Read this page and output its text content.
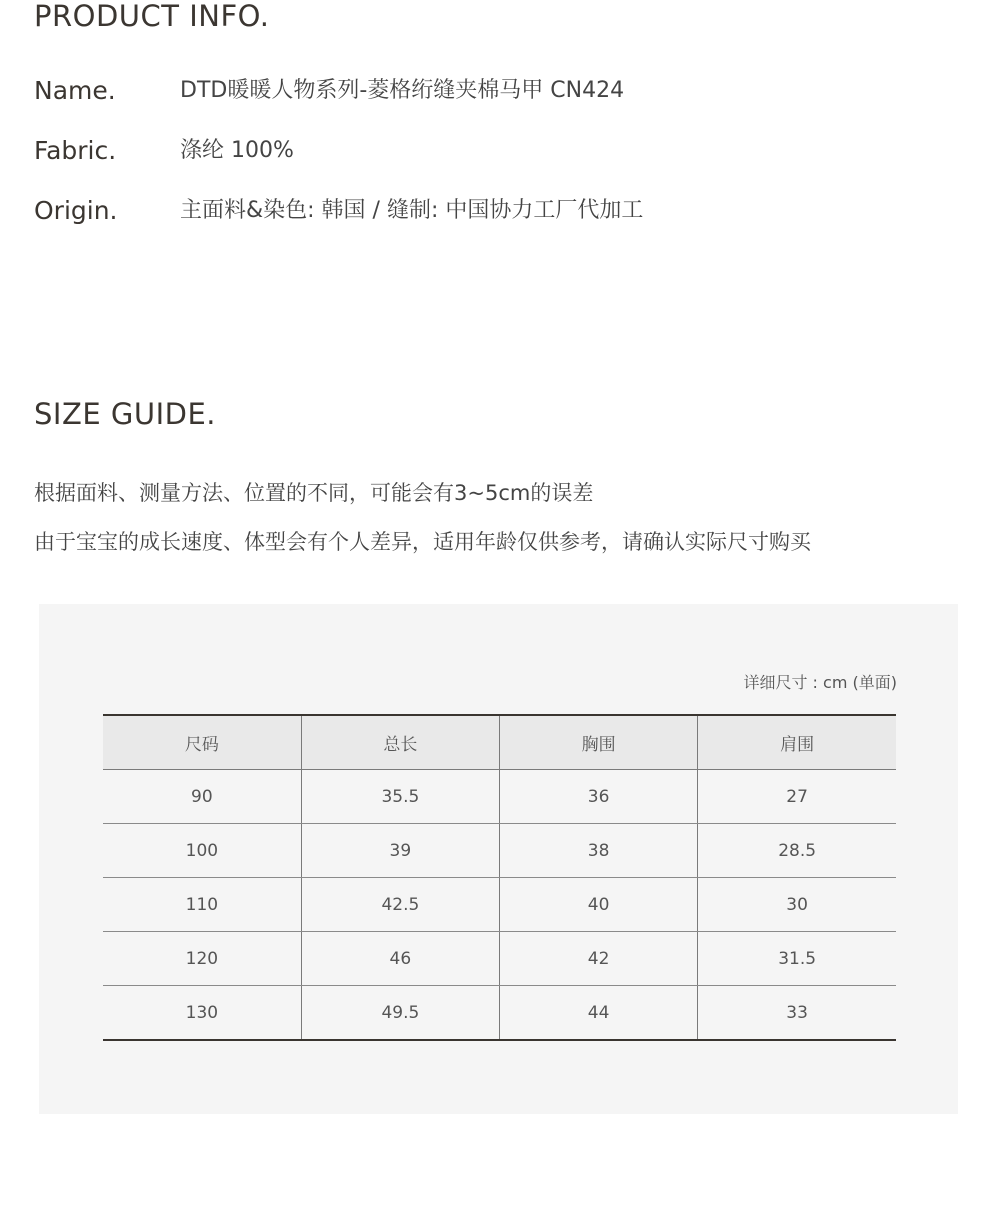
PRODUCT INFO.
Name.	DTD暖暖人物系列-菱格绗缝夹棉马甲 CN424
Fabric.	涤纶 100%
Origin.	主面料&染色: 韩国 / 缝制: 中国协力工厂代加工
SIZE GUIDE.

根据面料、测量方法、位置的不同，可能会有3~5cm的误差

由于宝宝的成长速度、体型会有个人差异，适用年龄仅供参考，请确认实际尺寸购买

详细尺寸 : cm (单面)
尺码	总长	胸围	肩围
90	35.5	36	27
100	39	38	28.5
110	42.5	40	30
120	46	42	31.5
130	49.5	44	33
